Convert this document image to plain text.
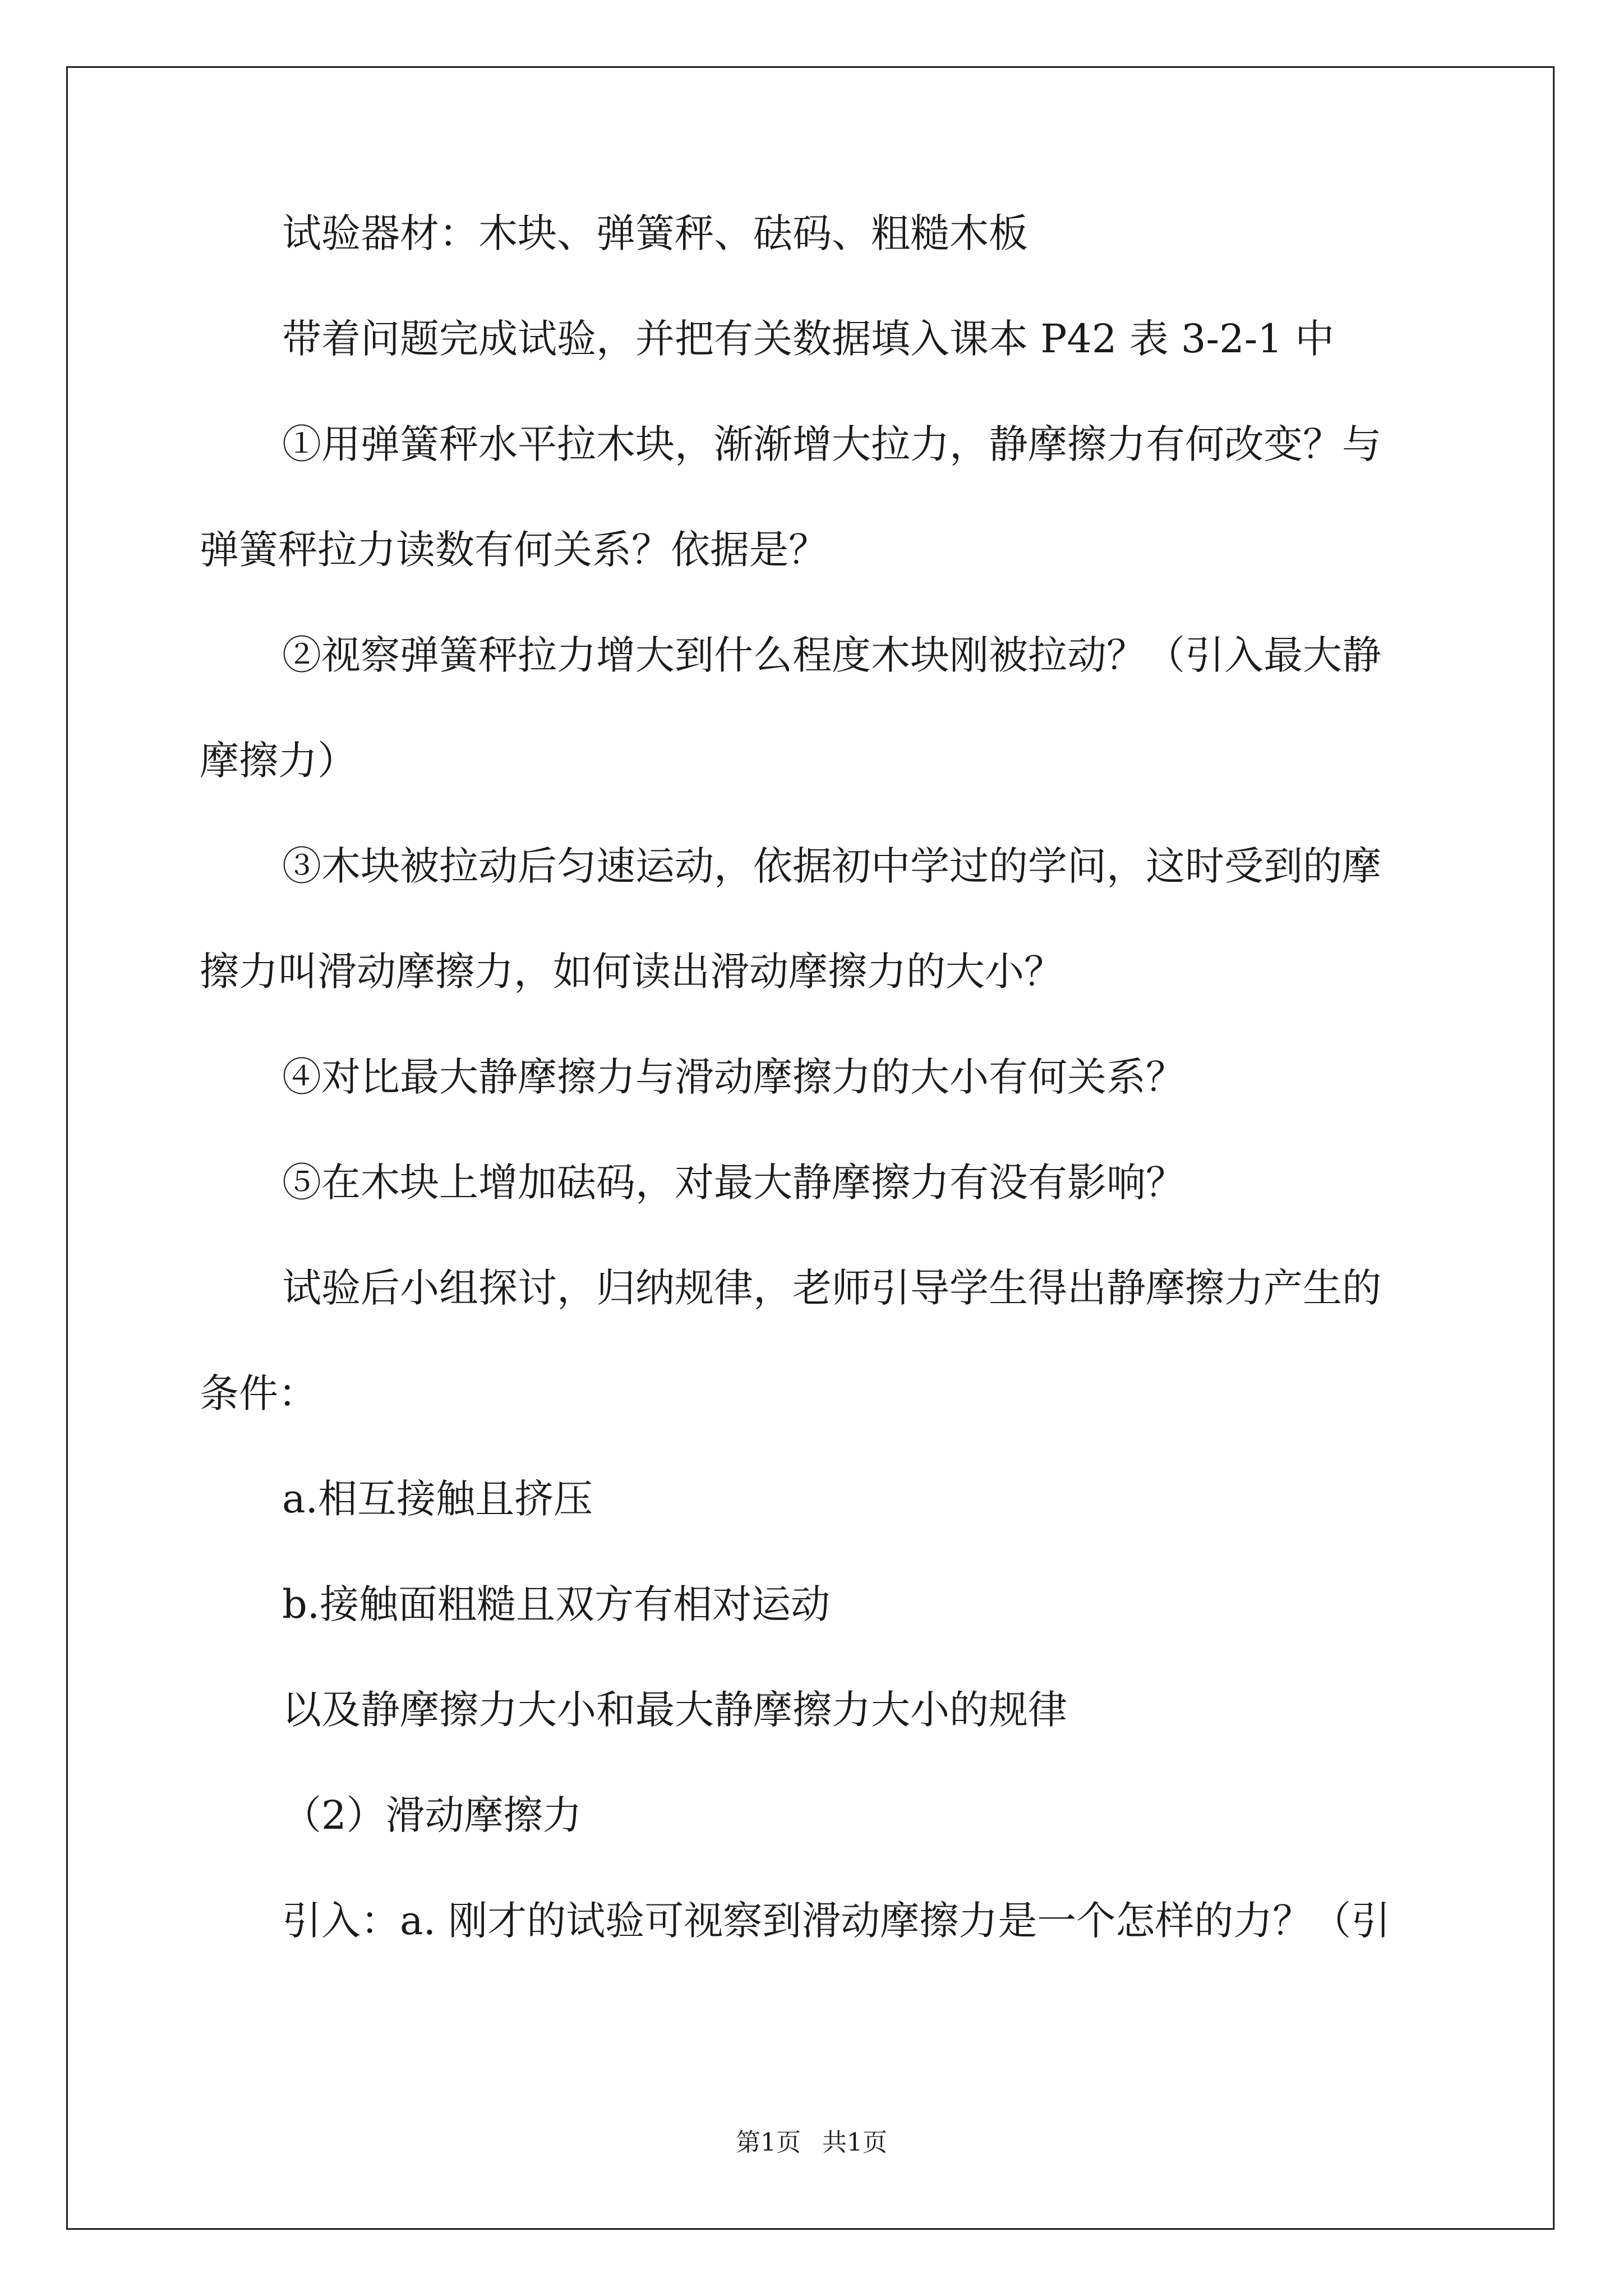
试验器材：木块、弹簧秤、砝码、粗糙木板

带着问题完成试验，并把有关数据填入课本 P42 表 3-2-1 中

①用弹簧秤水平拉木块，渐渐增大拉力，静摩擦力有何改变？与

弹簧秤拉力读数有何关系？依据是？

②视察弹簧秤拉力增大到什么程度木块刚被拉动？（引入最大静

摩擦力）

③木块被拉动后匀速运动，依据初中学过的学问，这时受到的摩

擦力叫滑动摩擦力，如何读出滑动摩擦力的大小？

④对比最大静摩擦力与滑动摩擦力的大小有何关系？

⑤在木块上增加砝码，对最大静摩擦力有没有影响？

试验后小组探讨，归纳规律，老师引导学生得出静摩擦力产生的

条件：

a.相互接触且挤压

b.接触面粗糙且双方有相对运动

以及静摩擦力大小和最大静摩擦力大小的规律

（2）滑动摩擦力

引入：a. 刚才的试验可视察到滑动摩擦力是一个怎样的力？（引

第1页 共1页
